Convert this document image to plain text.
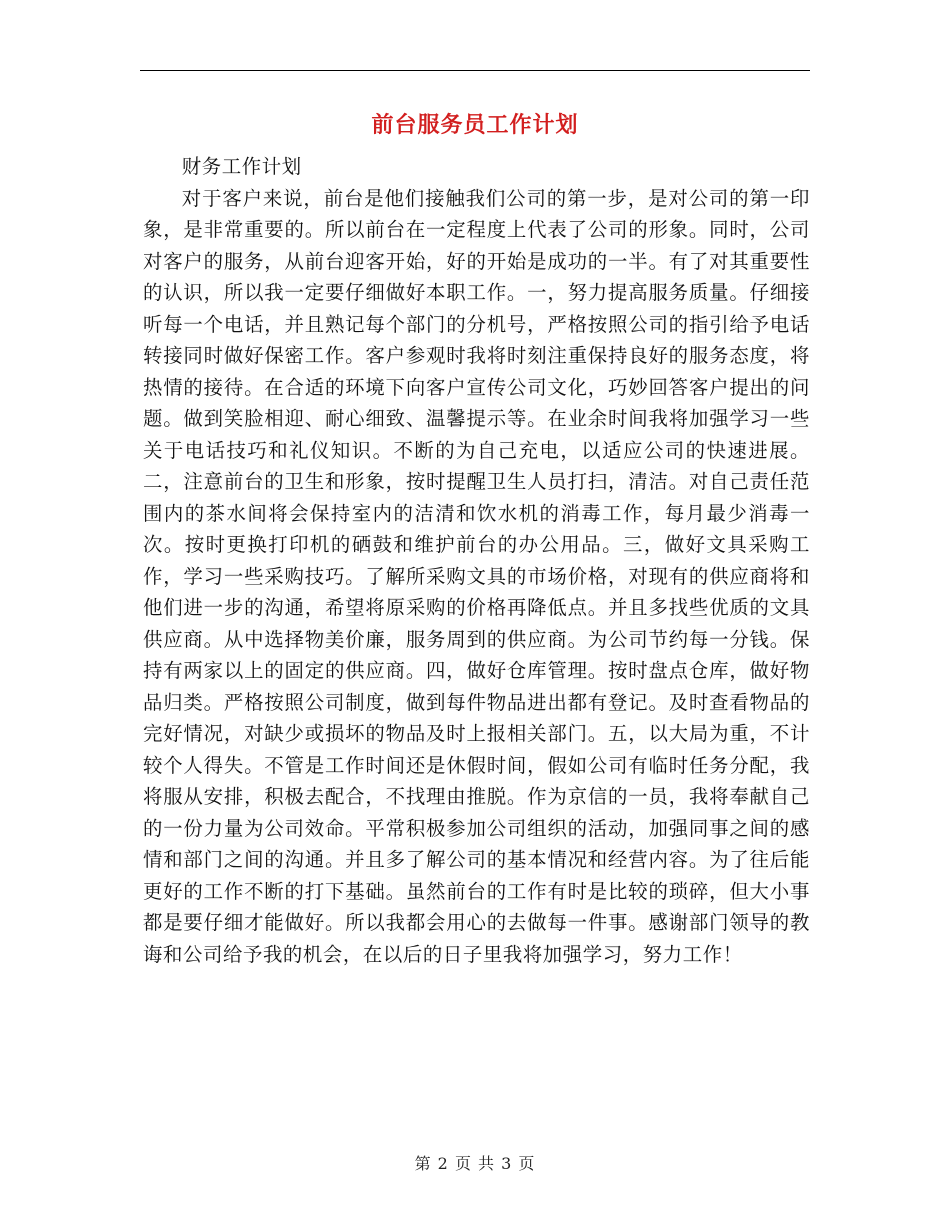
前台服务员工作计划

财务工作计划

对于客户来说，前台是他们接触我们公司的第一步，是对公司的第一印象，是非常重要的。所以前台在一定程度上代表了公司的形象。同时，公司对客户的服务，从前台迎客开始，好的开始是成功的一半。有了对其重要性的认识，所以我一定要仔细做好本职工作。一，努力提高服务质量。仔细接听每一个电话，并且熟记每个部门的分机号，严格按照公司的指引给予电话转接同时做好保密工作。客户参观时我将时刻注重保持良好的服务态度，将热情的接待。在合适的环境下向客户宣传公司文化，巧妙回答客户提出的问题。做到笑脸相迎、耐心细致、温馨提示等。在业余时间我将加强学习一些关于电话技巧和礼仪知识。不断的为自己充电，以适应公司的快速进展。二，注意前台的卫生和形象，按时提醒卫生人员打扫，清洁。对自己责任范围内的茶水间将会保持室内的洁清和饮水机的消毒工作，每月最少消毒一次。按时更换打印机的硒鼓和维护前台的办公用品。三，做好文具采购工作，学习一些采购技巧。了解所采购文具的市场价格，对现有的供应商将和他们进一步的沟通，希望将原采购的价格再降低点。并且多找些优质的文具供应商。从中选择物美价廉，服务周到的供应商。为公司节约每一分钱。保持有两家以上的固定的供应商。四，做好仓库管理。按时盘点仓库，做好物品归类。严格按照公司制度，做到每件物品进出都有登记。及时查看物品的完好情况，对缺少或损坏的物品及时上报相关部门。五，以大局为重，不计较个人得失。不管是工作时间还是休假时间，假如公司有临时任务分配，我将服从安排，积极去配合，不找理由推脱。作为京信的一员，我将奉献自己的一份力量为公司效命。平常积极参加公司组织的活动，加强同事之间的感情和部门之间的沟通。并且多了解公司的基本情况和经营内容。为了往后能更好的工作不断的打下基础。虽然前台的工作有时是比较的琐碎，但大小事都是要仔细才能做好。所以我都会用心的去做每一件事。感谢部门领导的教诲和公司给予我的机会，在以后的日子里我将加强学习，努力工作！

第 2 页 共 3 页
